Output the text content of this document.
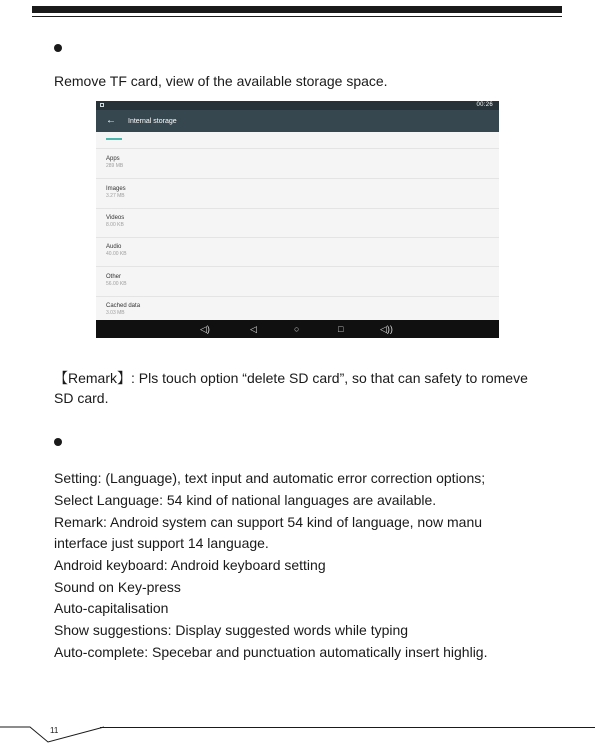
Remove TF card, view of the available storage space.
00:26
← Internal storage
Apps
289 MB
Images
3.27 MB
Videos
8.00 KB
Audio
40.00 KB
Other
56.00 KB
Cached data
3.03 MB
◁)	◁	○	□	◁))
【Remark】: Pls touch option “delete SD card”, so that can safety to romeve
SD card.
Setting: (Language), text input and automatic error correction options;
Select Language: 54 kind of national languages are available.
Remark: Android system can support 54 kind of language, now manu
interface just support 14 language.
Android keyboard: Android keyboard setting
Sound on Key-press
Auto-capitalisation
Show suggestions: Display suggested words while typing
Auto-complete: Specebar and punctuation automatically insert highlig.
11
